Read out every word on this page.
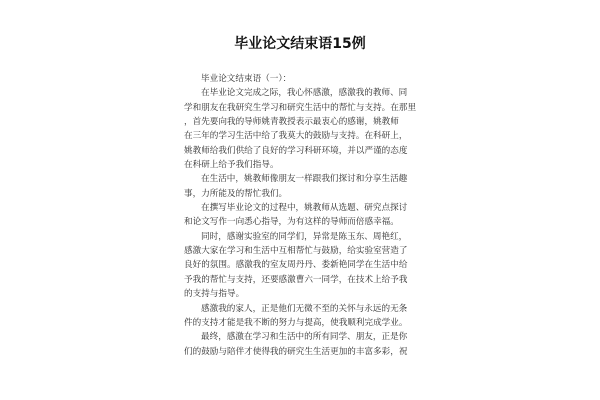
毕业论文结束语15例
毕业论文结束语（一）：
在毕业论文完成之际，我心怀感激，感激我的教师、同
学和朋友在我研究生学习和研究生活中的帮忙与支持。在那里
，首先要向我的导师姚青教授表示最衷心的感谢，姚教师
在三年的学习生活中给了我莫大的鼓励与支持。在科研上，
姚教师给我们供给了良好的学习科研环境，并以严谨的态度
在科研上给予我们指导。
在生活中，姚教师像朋友一样跟我们探讨和分享生活趣
事，力所能及的帮忙我们。
在撰写毕业论文的过程中，姚教师从选题、研究点探讨
和论文写作一向悉心指导，为有这样的导师而倍感幸福。
同时，感谢实验室的同学们，异常是陈玉东、周艳红，
感激大家在学习和生活中互相帮忙与鼓励，给实验室营造了
良好的氛围。感激我的室友周丹丹、娄新艳同学在生活中给
予我的帮忙与支持，还要感激曹六一同学，在技术上给予我
的支持与指导。
感激我的家人，正是他们无微不至的关怀与永远的无条
件的支持才能是我不断的努力与提高，使我顺利完成学业。
最终，感激在学习和生活中的所有同学、朋友，正是你
们的鼓励与陪伴才使得我的研究生生活更加的丰富多彩，祝
